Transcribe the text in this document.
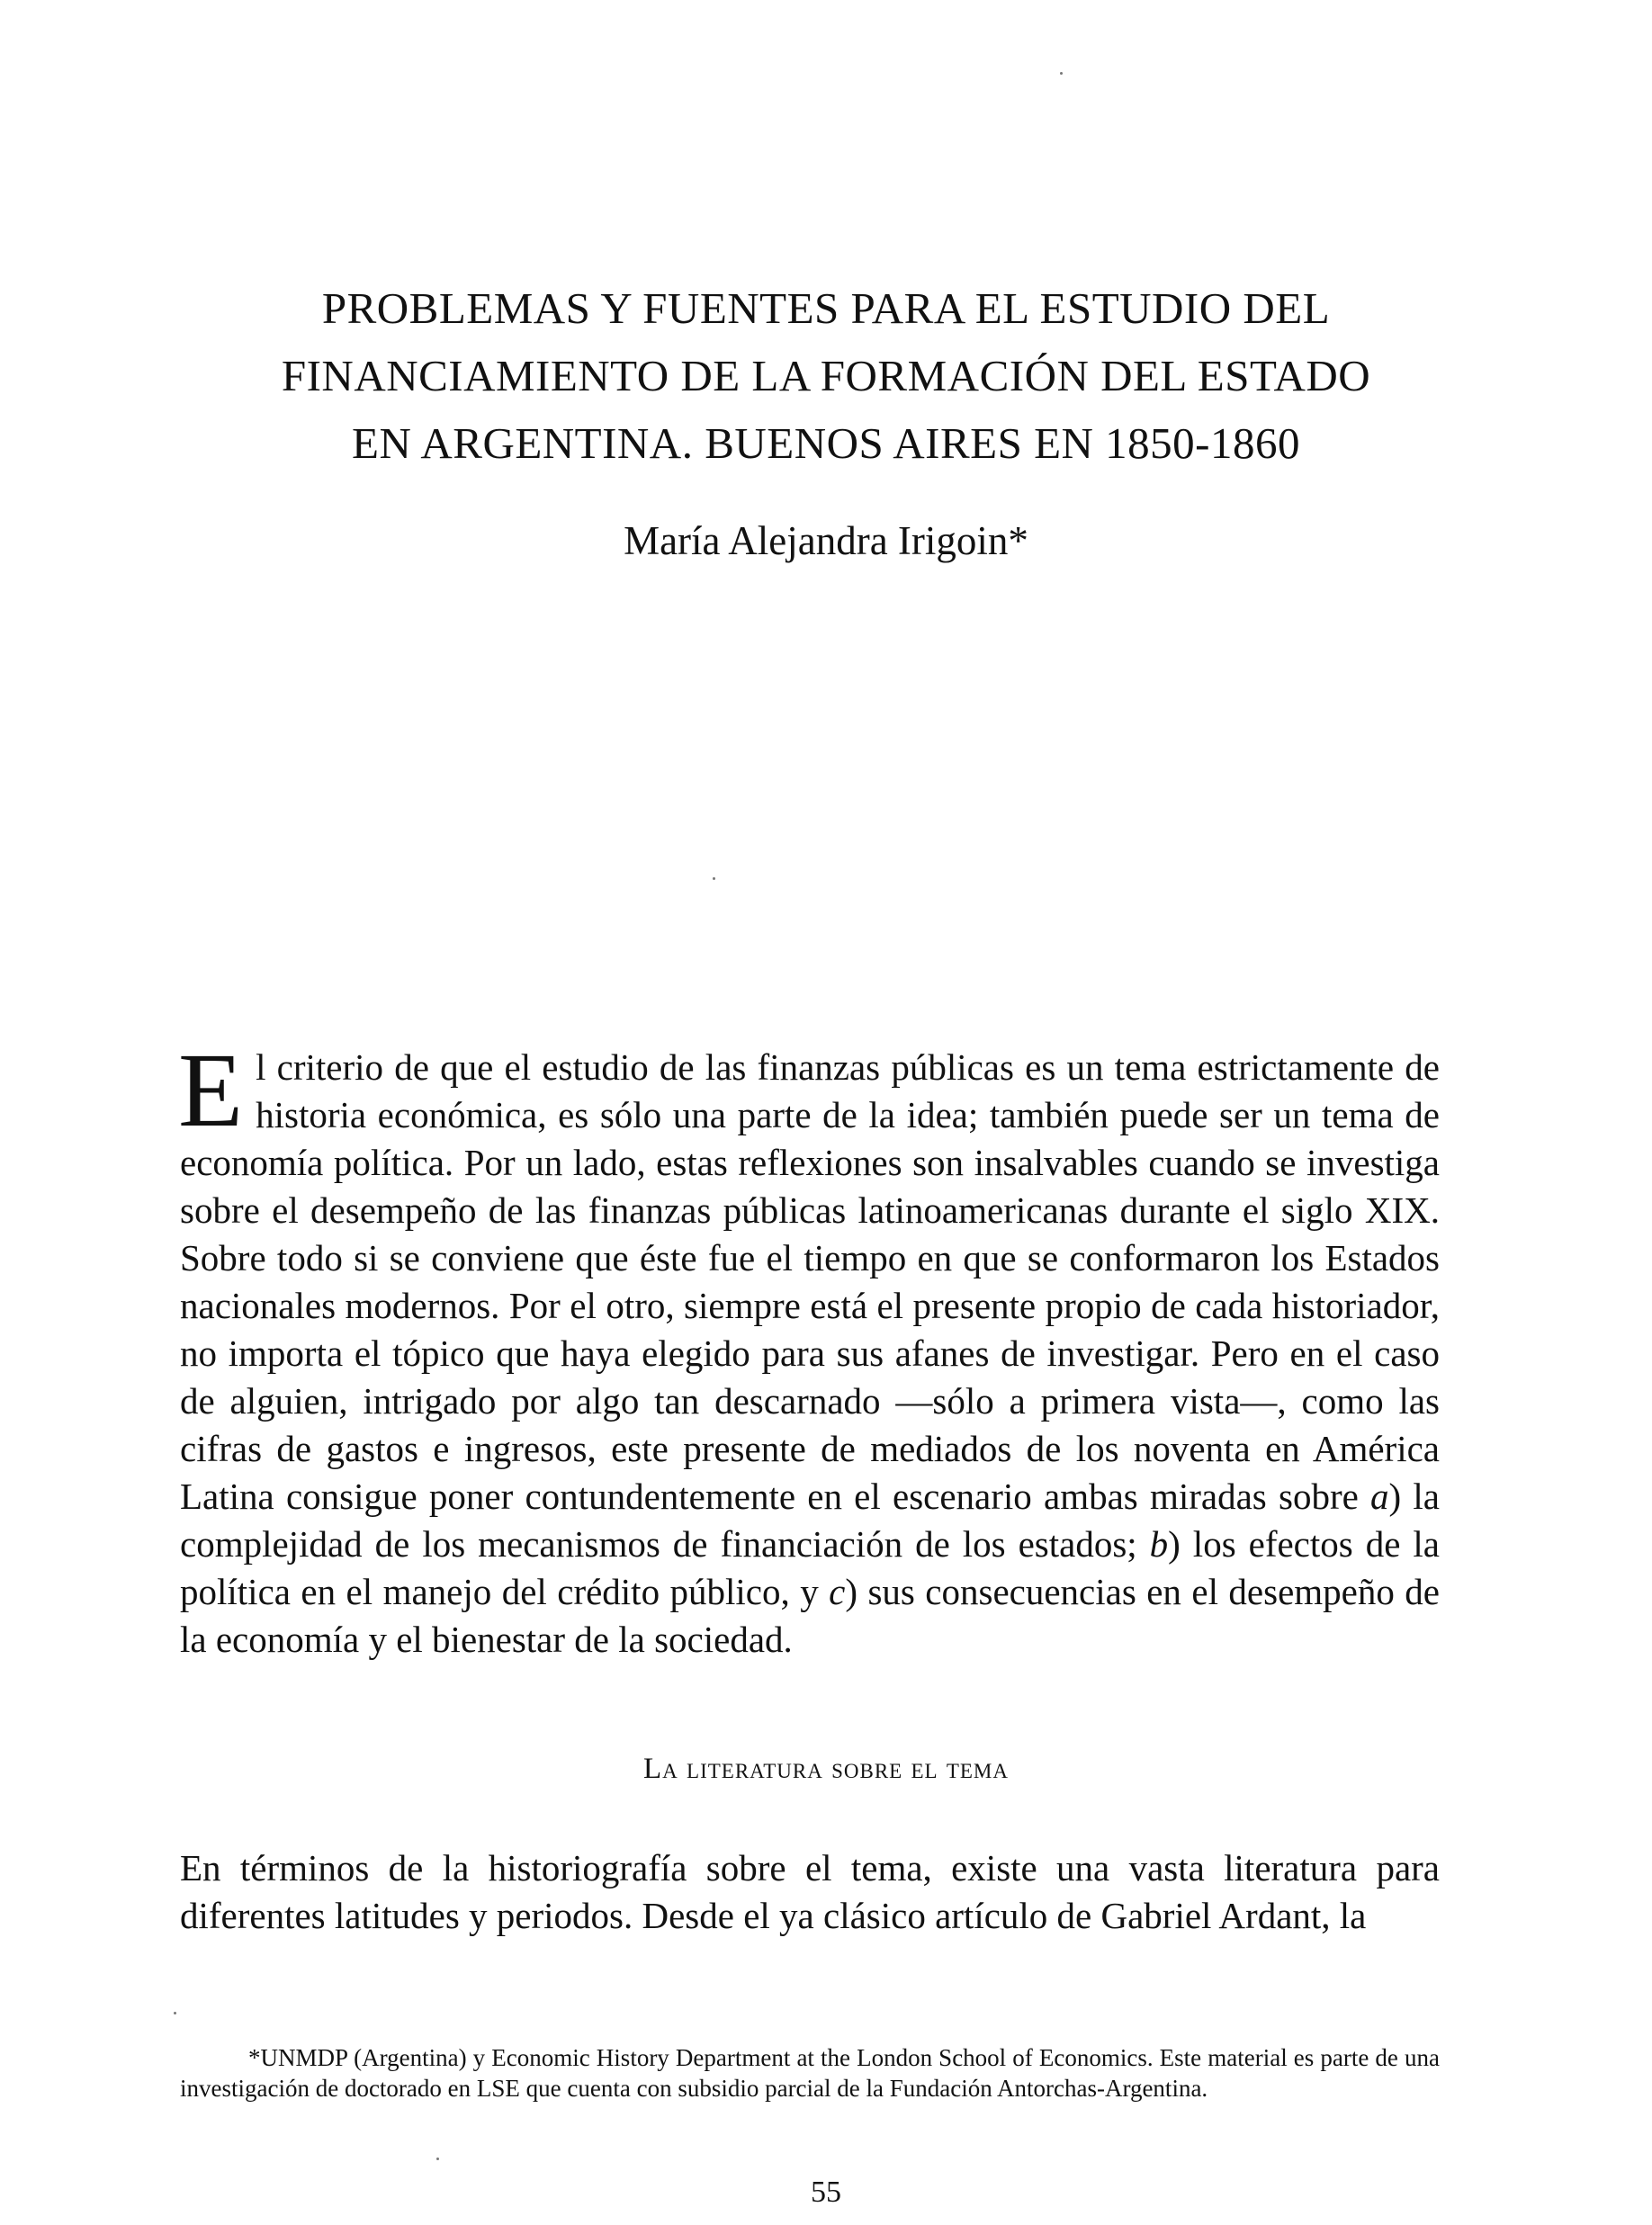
PROBLEMAS Y FUENTES PARA EL ESTUDIO DEL
FINANCIAMIENTO DE LA FORMACIÓN DEL ESTADO
EN ARGENTINA. BUENOS AIRES EN 1850-1860
María Alejandra Irigoin*
El criterio de que el estudio de las finanzas públicas es un tema estrictamente de historia económica, es sólo una parte de la idea; también puede ser un tema de economía política. Por un lado, estas reflexiones son insalvables cuando se investiga sobre el desempeño de las finanzas públicas latinoamericanas durante el siglo XIX. Sobre todo si se conviene que éste fue el tiempo en que se conformaron los Estados nacionales modernos. Por el otro, siempre está el presente propio de cada historiador, no importa el tópico que haya elegido para sus afanes de investigar. Pero en el caso de alguien, intrigado por algo tan descarnado —sólo a primera vista—, como las cifras de gastos e ingresos, este presente de mediados de los noventa en América Latina consigue poner contundentemente en el escenario ambas miradas sobre a) la complejidad de los mecanismos de financiación de los estados; b) los efectos de la política en el manejo del crédito público, y c) sus consecuencias en el desempeño de la economía y el bienestar de la sociedad.
La literatura sobre el tema
En términos de la historiografía sobre el tema, existe una vasta literatura para diferentes latitudes y periodos. Desde el ya clásico artículo de Gabriel Ardant, la
*UNMDP (Argentina) y Economic History Department at the London School of Economics. Este material es parte de una investigación de doctorado en LSE que cuenta con subsidio parcial de la Fundación Antorchas-Argentina.
55
